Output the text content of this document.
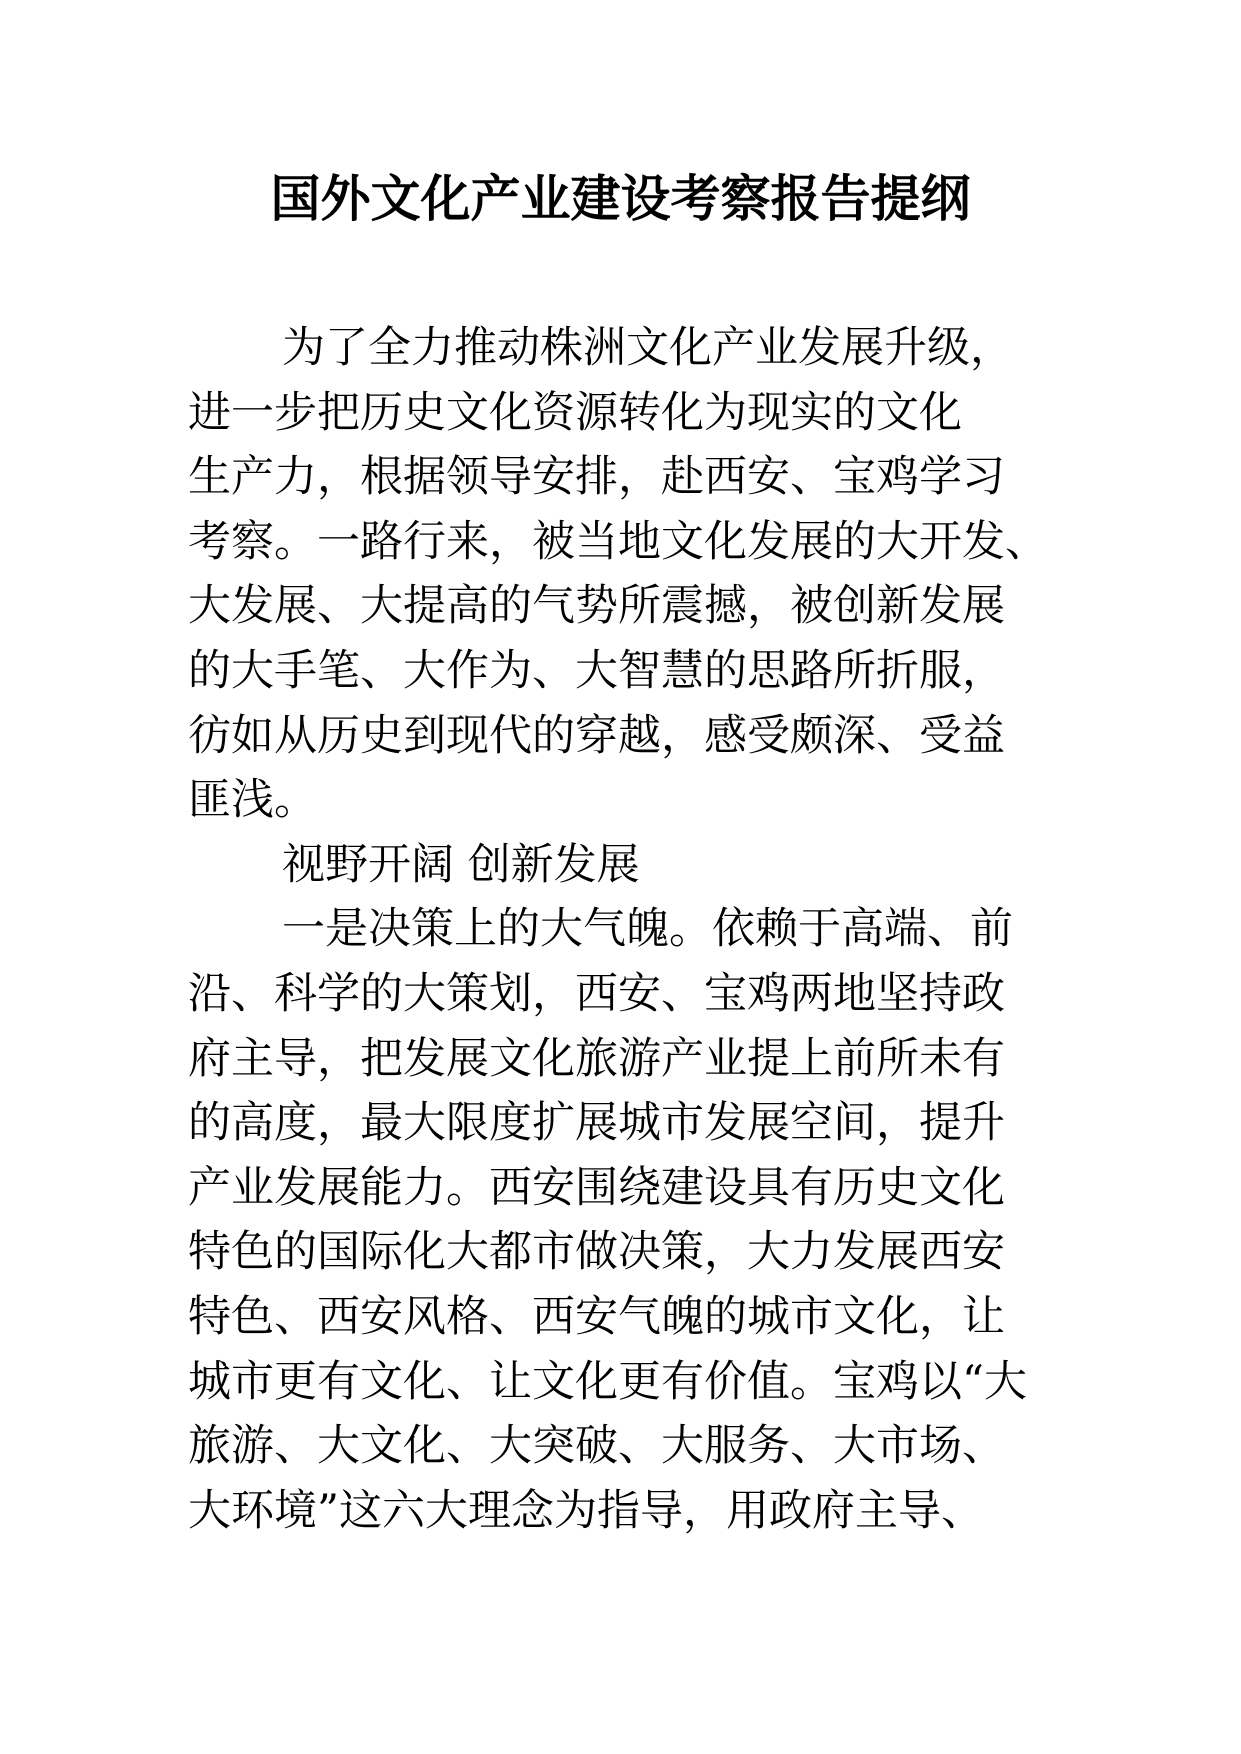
国外文化产业建设考察报告提纲
为了全力推动株洲文化产业发展升级，
进一步把历史文化资源转化为现实的文化
生产力，根据领导安排，赴西安、宝鸡学习
考察。一路行来，被当地文化发展的大开发、
大发展、大提高的气势所震撼，被创新发展
的大手笔、大作为、大智慧的思路所折服，
彷如从历史到现代的穿越，感受颇深、受益
匪浅。
视野开阔 创新发展
一是决策上的大气魄。依赖于高端、前
沿、科学的大策划，西安、宝鸡两地坚持政
府主导，把发展文化旅游产业提上前所未有
的高度，最大限度扩展城市发展空间，提升
产业发展能力。西安围绕建设具有历史文化
特色的国际化大都市做决策，大力发展西安
特色、西安风格、西安气魄的城市文化，让
城市更有文化、让文化更有价值。宝鸡以“大
旅游、大文化、大突破、大服务、大市场、
大环境”这六大理念为指导，用政府主导、
